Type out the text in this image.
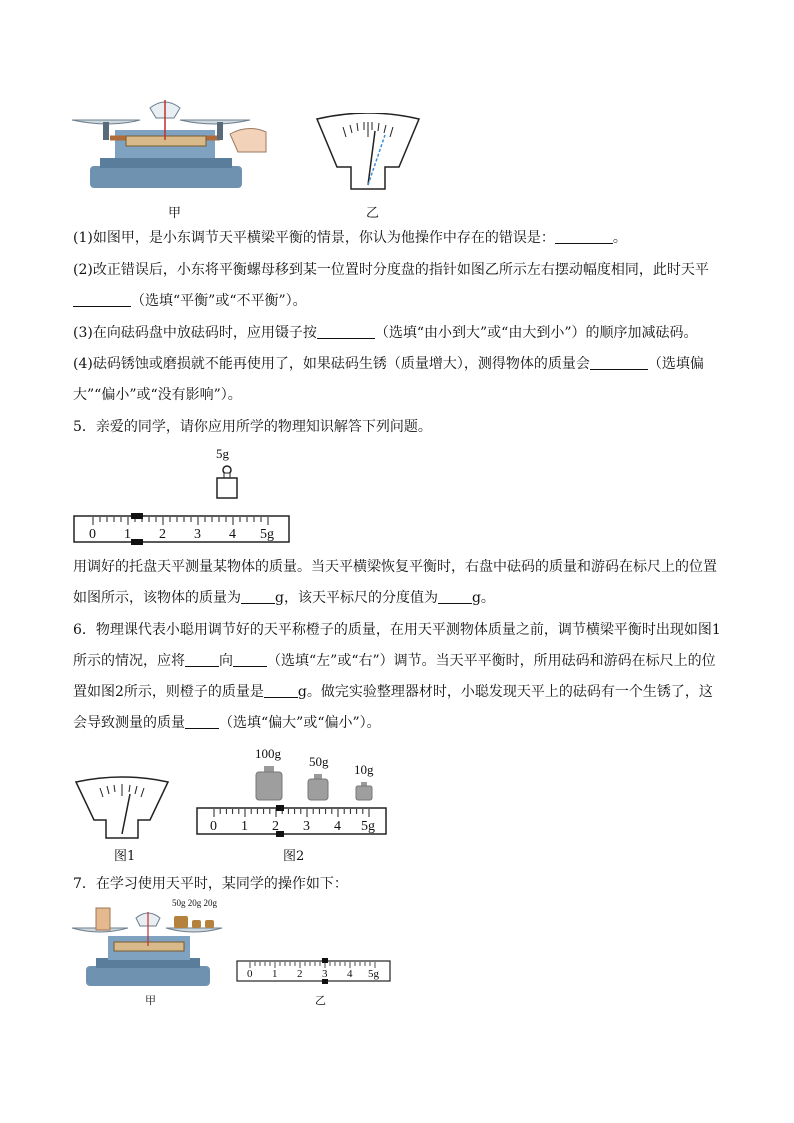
甲	乙
(1)如图甲，是小东调节天平横梁平衡的情景，你认为他操作中存在的错误是：	。
(2)改正错误后，小东将平衡螺母移到某一位置时分度盘的指针如图乙所示左右摆动幅度相同，此时天平（选填“平衡”或“不平衡”）。
(3)在向砝码盘中放砝码时，应用镊子按	（选填“由小到大”或“由大到小”）的顺序加减砝码。
(4)砝码锈蚀或磨损就不能再使用了，如果砝码生锈（质量增大），测得物体的质量会	（选填偏大”“偏小”或“没有影响”）。
5．亲爱的同学，请你应用所学的物理知识解答下列问题。
5g
0 1 2 3 4 5g
用调好的托盘天平测量某物体的质量。当天平横梁恢复平衡时，右盘中砝码的质量和游码在标尺上的位置如图所示，该物体的质量为 g，该天平标尺的分度值为 g。
6．物理课代表小聪用调节好的天平称橙子的质量，在用天平测物体质量之前，调节横梁平衡时出现如图1所示的情况，应将 向 （选填“左”或“右”）调节。当天平平衡时，所用砝码和游码在标尺上的位置如图2所示，则橙子的质量是 g。做完实验整理器材时，小聪发现天平上的砝码有一个生锈了，这会导致测量的质量 （选填“偏大”或“偏小”）。
100g
50g
10g
0 1 2 3 4 5g
图1	图2
7．在学习使用天平时，某同学的操作如下：
50g 20g 20g
0 1 2 3 4 5g
甲	乙
